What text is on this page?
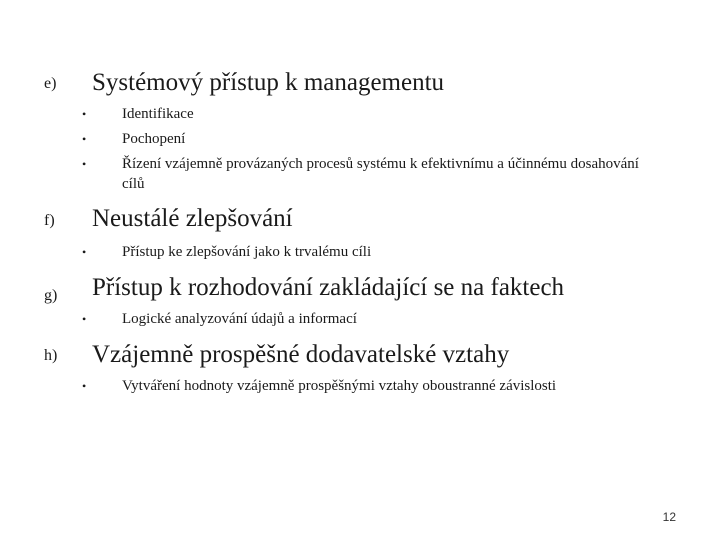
e) Systémový přístup k managementu
• Identifikace
• Pochopení
• Řízení vzájemně provázaných procesů systému k efektivnímu a účinnému dosahování cílů
f) Neustálé zlepšování
• Přístup ke zlepšování jako k trvalému cíli
g) Přístup k rozhodování zakládající se na faktech
• Logické analyzování údajů a informací
h) Vzájemně prospěšné dodavatelské vztahy
• Vytváření hodnoty vzájemně prospěšnými vztahy oboustranné závislosti
12
